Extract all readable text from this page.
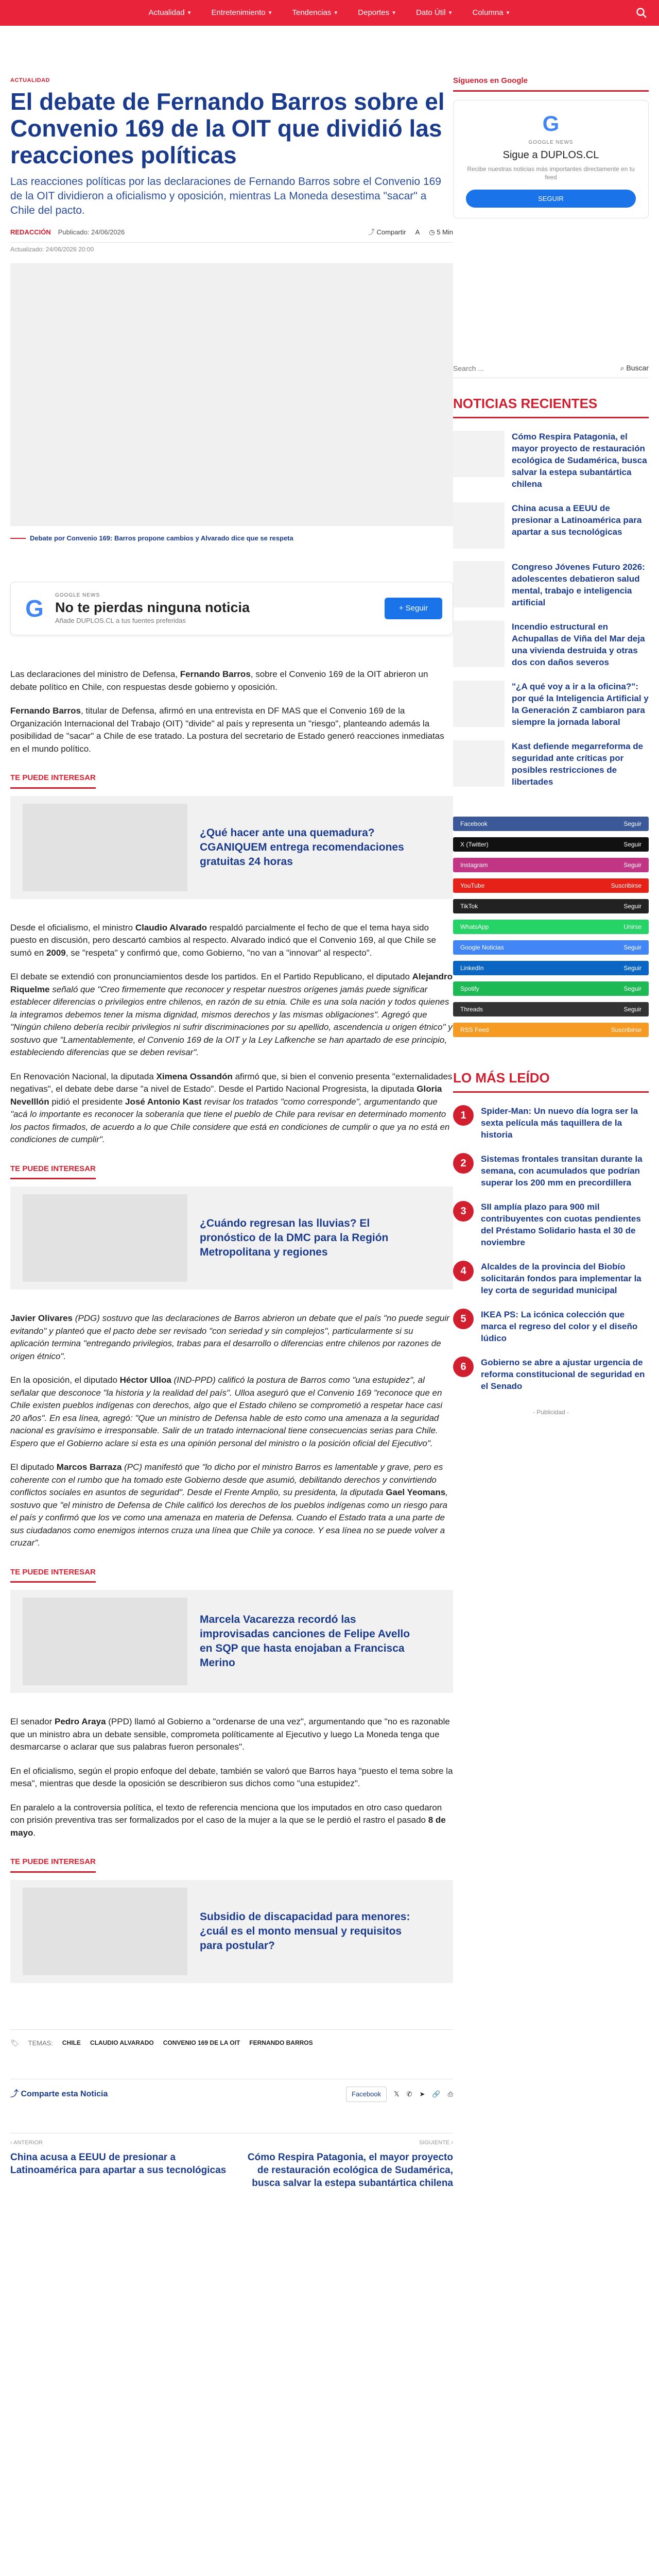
Actualidad ▼	Entretenimiento ▼	Tendencias ▼	Deportes ▼	Dato Útil ▼	Columna ▼
ACTUALIDAD
El debate de Fernando Barros sobre el Convenio 169 de la OIT que dividió las reacciones políticas
Las reacciones políticas por las declaraciones de Fernando Barros sobre el Convenio 169 de la OIT dividieron a oficialismo y oposición, mientras La Moneda desestima "sacar" a Chile del pacto.
REDACCIÓN Publicado: 24/06/2026	⤴ Compartir A ◷ 5 Min
Actualizado: 24/06/2026 20:00
Debate por Convenio 169: Barros propone cambios y Alvarado dice que se respeta
G	GOOGLE NEWS
No te pierdas ninguna noticia
Añade DUPLOS.CL a tus fuentes preferidas
+ Seguir

Las declaraciones del ministro de Defensa, Fernando Barros, sobre el Convenio 169 de la OIT abrieron un debate político en Chile, con respuestas desde gobierno y oposición.

Fernando Barros, titular de Defensa, afirmó en una entrevista en DF MAS que el Convenio 169 de la Organización Internacional del Trabajo (OIT) "divide" al país y representa un "riesgo", planteando además la posibilidad de "sacar" a Chile de ese tratado. La postura del secretario de Estado generó reacciones inmediatas en el mundo político.

TE PUEDE INTERESAR
¿Qué hacer ante una quemadura? CGANIQUEM entrega recomendaciones gratuitas 24 horas

Desde el oficialismo, el ministro Claudio Alvarado respaldó parcialmente el fecho de que el tema haya sido puesto en discusión, pero descartó cambios al respecto. Alvarado indicó que el Convenio 169, al que Chile se sumó en 2009, se "respeta" y confirmó que, como Gobierno, "no van a "innovar" al respecto".

El debate se extendió con pronunciamientos desde los partidos. En el Partido Republicano, el diputado Alejandro Riquelme señaló que "Creo firmemente que reconocer y respetar nuestros orígenes jamás puede significar establecer diferencias o privilegios entre chilenos, en razón de su etnia. Chile es una sola nación y todos quienes la integramos debemos tener la misma dignidad, mismos derechos y las mismas obligaciones". Agregó que "Ningún chileno debería recibir privilegios ni sufrir discriminaciones por su apellido, ascendencia u origen étnico" y sostuvo que "Lamentablemente, el Convenio 169 de la OIT y la Ley Lafkenche se han apartado de ese principio, estableciendo diferencias que se deben revisar".

En Renovación Nacional, la diputada Ximena Ossandón afirmó que, si bien el convenio presenta "externalidades negativas", el debate debe darse "a nivel de Estado". Desde el Partido Nacional Progresista, la diputada Gloria Nevelllón pidió el presidente José Antonio Kast revisar los tratados "como corresponde", argumentando que "acá lo importante es reconocer la soberanía que tiene el pueblo de Chile para revisar en determinado momento los pactos firmados, de acuerdo a lo que Chile considere que está en condiciones de cumplir o que ya no está en condiciones de cumplir".

TE PUEDE INTERESAR
¿Cuándo regresan las lluvias? El pronóstico de la DMC para la Región Metropolitana y regiones

Javier Olivares (PDG) sostuvo que las declaraciones de Barros abrieron un debate que el país "no puede seguir evitando" y planteó que el pacto debe ser revisado "con seriedad y sin complejos", particularmente si su aplicación termina "entregando privilegios, trabas para el desarrollo o diferencias entre chilenos por razones de origen étnico".

En la oposición, el diputado Héctor Ulloa (IND-PPD) calificó la postura de Barros como "una estupidez", al señalar que desconoce "la historia y la realidad del país". Ulloa aseguró que el Convenio 169 "reconoce que en Chile existen pueblos indígenas con derechos, algo que el Estado chileno se comprometió a respetar hace casi 20 años". En esa línea, agregó: "Que un ministro de Defensa hable de esto como una amenaza a la seguridad nacional es gravísimo e irresponsable. Salir de un tratado internacional tiene consecuencias serias para Chile. Espero que el Gobierno aclare si esta es una opinión personal del ministro o la posición oficial del Ejecutivo".

El diputado Marcos Barraza (PC) manifestó que "lo dicho por el ministro Barros es lamentable y grave, pero es coherente con el rumbo que ha tomado este Gobierno desde que asumió, debilitando derechos y convirtiendo conflictos sociales en asuntos de seguridad". Desde el Frente Amplio, su presidenta, la diputada Gael Yeomans, sostuvo que "el ministro de Defensa de Chile calificó los derechos de los pueblos indígenas como un riesgo para el país y confirmó que los ve como una amenaza en materia de Defensa. Cuando el Estado trata a una parte de sus ciudadanos como enemigos internos cruza una línea que Chile ya conoce. Y esa línea no se puede volver a cruzar".

TE PUEDE INTERESAR
Marcela Vacarezza recordó las improvisadas canciones de Felipe Avello en SQP que hasta enojaban a Francisca Merino

El senador Pedro Araya (PPD) llamó al Gobierno a "ordenarse de una vez", argumentando que "no es razonable que un ministro abra un debate sensible, comprometa políticamente al Ejecutivo y luego La Moneda tenga que desmarcarse o aclarar que sus palabras fueron personales".

En el oficialismo, según el propio enfoque del debate, también se valoró que Barros haya "puesto el tema sobre la mesa", mientras que desde la oposición se describieron sus dichos como "una estupidez".

En paralelo a la controversia política, el texto de referencia menciona que los imputados en otro caso quedaron con prisión preventiva tras ser formalizados por el caso de la mujer a la que se le perdió el rastro el pasado 8 de mayo.

TE PUEDE INTERESAR
Subsidio de discapacidad para menores: ¿cuál es el monto mensual y requisitos para postular?
🏷 TEMAS: CHILE CLAUDIO ALVARADO CONVENIO 169 DE LA OIT FERNANDO BARROS
⤴ Comparte esta Noticia	Facebook	𝕏 ✆ ➤ 🔗 ⎙
‹ ANTERIOR
China acusa a EEUU de presionar a Latinoamérica para apartar a sus tecnológicas
SIGUIENTE ›
Cómo Respira Patagonia, el mayor proyecto de restauración ecológica de Sudamérica, busca salvar la estepa subantártica chilena
Síguenos en Google
G
GOOGLE NEWS
Sigue a DUPLOS.CL
Recibe nuestras noticias más importantes directamente en tu feed
SEGUIR
Search ...
⌕ Buscar
NOTICIAS RECIENTES
Cómo Respira Patagonia, el mayor proyecto de restauración ecológica de Sudamérica, busca salvar la estepa subantártica chilena
China acusa a EEUU de presionar a Latinoamérica para apartar a sus tecnológicas
Congreso Jóvenes Futuro 2026: adolescentes debatieron salud mental, trabajo e inteligencia artificial
Incendio estructural en Achupallas de Viña del Mar deja una vivienda destruida y otras dos con daños severos
"¿A qué voy a ir a la oficina?": por qué la Inteligencia Artificial y la Generación Z cambiaron para siempre la jornada laboral
Kast defiende megarreforma de seguridad ante críticas por posibles restricciones de libertades
Facebook	Seguir
X (Twitter)	Seguir
Instagram	Seguir
YouTube	Suscribirse
TikTok	Seguir
WhatsApp	Unirse
Google Noticias	Seguir
LinkedIn	Seguir
Spotify	Seguir
Threads	Seguir
RSS Feed	Suscribirse
LO MÁS LEÍDO
1	Spider-Man: Un nuevo día logra ser la sexta película más taquillera de la historia
2	Sistemas frontales transitan durante la semana, con acumulados que podrían superar los 200 mm en precordillera
3	SII amplía plazo para 900 mil contribuyentes con cuotas pendientes del Préstamo Solidario hasta el 30 de noviembre
4	Alcaldes de la provincia del Biobío solicitarán fondos para implementar la ley corta de seguridad municipal
5	IKEA PS: La icónica colección que marca el regreso del color y el diseño lúdico
6	Gobierno se abre a ajustar urgencia de reforma constitucional de seguridad en el Senado
- Publicidad -
